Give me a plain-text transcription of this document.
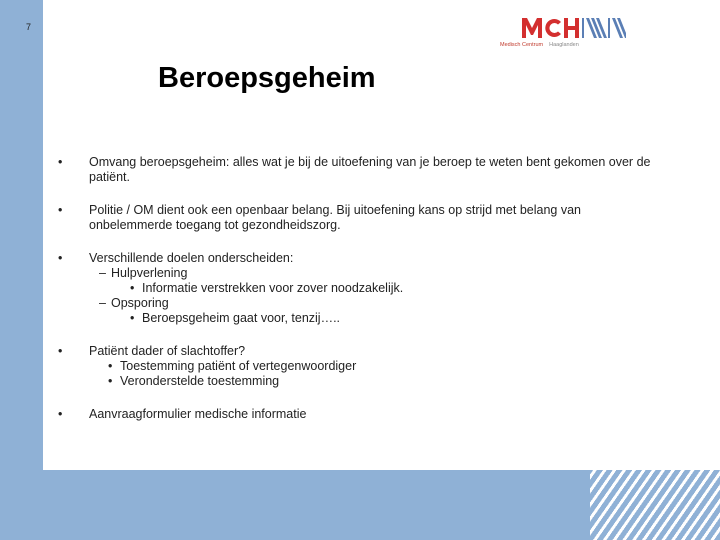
7
Medisch Centrum Haaglanden
Beroepsgeheim
• Omvang beroepsgeheim: alles wat je bij de uitoefening van je beroep te weten bent gekomen over de patiënt.
• Politie / OM dient ook een openbaar belang. Bij uitoefening kans op strijd met belang van onbelemmerde toegang tot gezondheidszorg.
• Verschillende doelen onderscheiden:
– Hulpverlening
• Informatie verstrekken voor zover noodzakelijk.
– Opsporing
• Beroepsgeheim gaat voor, tenzij…..
• Patiënt dader of slachtoffer?
• Toestemming patiënt of vertegenwoordiger
• Veronderstelde toestemming
• Aanvraagformulier medische informatie
